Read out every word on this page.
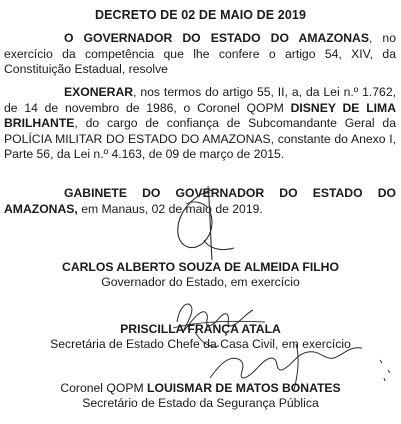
DECRETO DE 02 DE MAIO DE 2019

O GOVERNADOR DO ESTADO DO AMAZONAS, no exercício da competência que lhe confere o artigo 54, XIV, da Constituição Estadual, resolve

EXONERAR, nos termos do artigo 55, II, a, da Lei n.º 1.762, de 14 de novembro de 1986, o Coronel QOPM DISNEY DE LIMA BRILHANTE, do cargo de confiança de Subcomandante Geral da POLÍCIA MILITAR DO ESTADO DO AMAZONAS, constante do Anexo I, Parte 56, da Lei n.º 4.163, de 09 de março de 2015.

GABINETE DO GOVERNADOR DO ESTADO DO AMAZONAS, em Manaus, 02 de maio de 2019.

CARLOS ALBERTO SOUZA DE ALMEIDA FILHO
Governador do Estado, em exercício
PRISCILLA FRANÇA ATALA
Secretária de Estado Chefe da Casa Civil, em exercício
Coronel QOPM LOUISMAR DE MATOS BONATES
Secretário de Estado da Segurança Pública
